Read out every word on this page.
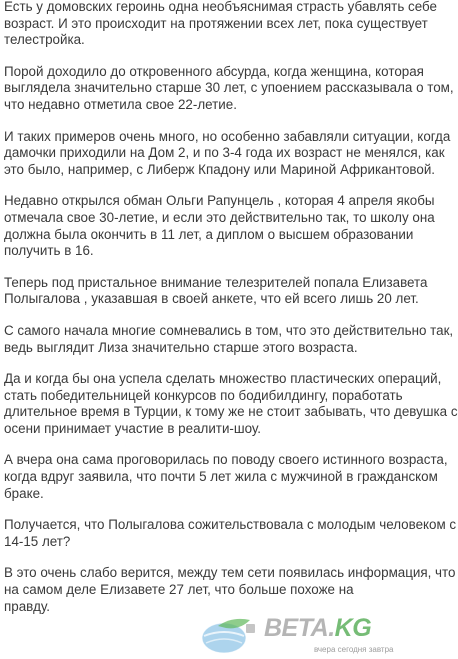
Есть у домовских героинь одна необъяснимая страсть убавлять себе
возраст. И это происходит на протяжении всех лет, пока существует
телестройка.

Порой доходило до откровенного абсурда, когда женщина, которая
выглядела значительно старше 30 лет, с упоением рассказывала о том,
что недавно отметила свое 22-летие.

И таких примеров очень много, но особенно забавляли ситуации, когда
дамочки приходили на Дом 2, и по 3-4 года их возраст не менялся, как
это было, например, с Либерж Кпадону или Мариной Африкантовой.

Недавно открылся обман Ольги Рапунцель , которая 4 апреля якобы
отмечала свое 30-летие, и если это действительно так, то школу она
должна была окончить в 11 лет, а диплом о высшем образовании
получить в 16.

Теперь под пристальное внимание телезрителей попала Елизавета
Полыгалова , указавшая в своей анкете, что ей всего лишь 20 лет.

С самого начала многие сомневались в том, что это действительно так,
ведь выглядит Лиза значительно старше этого возраста.

Да и когда бы она успела сделать множество пластических операций,
стать победительницей конкурсов по бодибилдингу, поработать
длительное время в Турции, к тому же не стоит забывать, что девушка с
осени принимает участие в реалити-шоу.

А вчера она сама проговорилась по поводу своего истинного возраста,
когда вдруг заявила, что почти 5 лет жила с мужчиной в гражданском
браке.

Получается, что Полыгалова сожительствовала с молодым человеком с
14-15 лет?

В это очень слабо верится, между тем сети появилась информация, что
на самом деле Елизавете 27 лет, что больше похоже на
правду.

BETA.KG
вчера сегодня завтра
